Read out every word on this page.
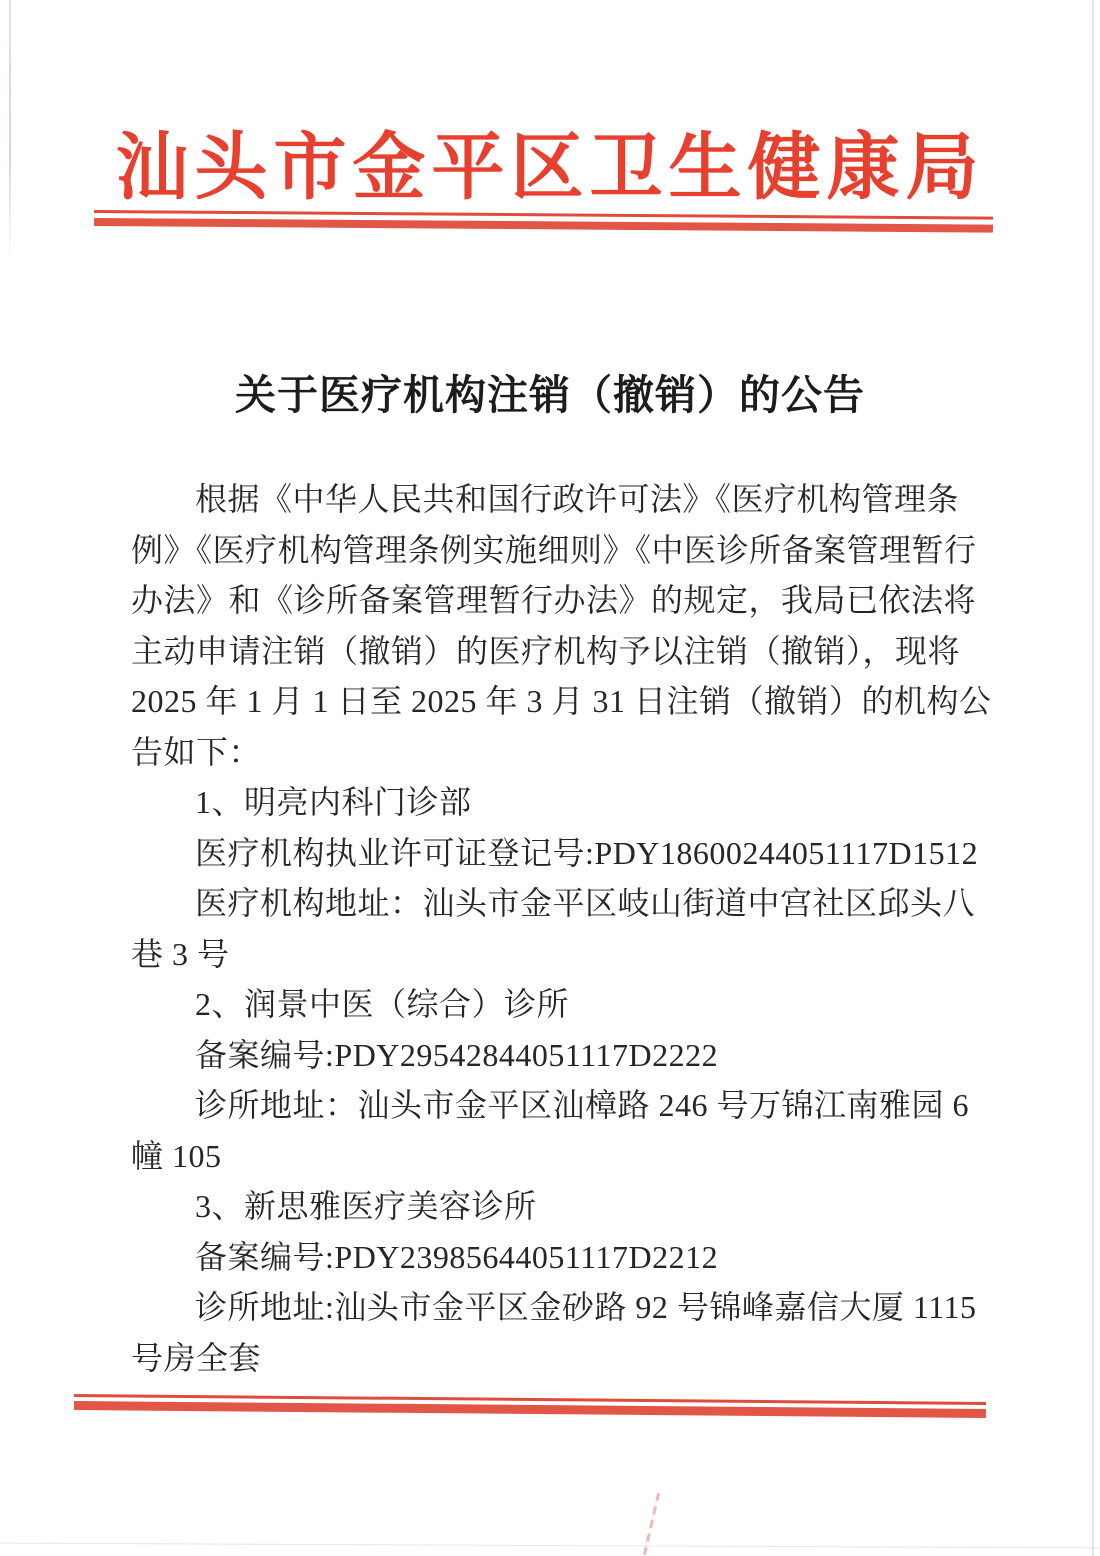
汕头市金平区卫生健康局
关于医疗机构注销（撤销）的公告
根据《中华人民共和国行政许可法》《医疗机构管理条
例》《医疗机构管理条例实施细则》《中医诊所备案管理暂行
办法》和《诊所备案管理暂行办法》的规定，我局已依法将
主动申请注销（撤销）的医疗机构予以注销（撤销），现将
2025 年 1 月 1 日至 2025 年 3 月 31 日注销（撤销）的机构公
告如下：
1、明亮内科门诊部
医疗机构执业许可证登记号:PDY18600244051117D1512
医疗机构地址：汕头市金平区岐山街道中宫社区邱头八
巷 3 号
2、润景中医（综合）诊所
备案编号:PDY29542844051117D2222
诊所地址：汕头市金平区汕樟路 246 号万锦江南雅园 6
幢 105
3、新思雅医疗美容诊所
备案编号:PDY23985644051117D2212
诊所地址:汕头市金平区金砂路 92 号锦峰嘉信大厦 1115
号房全套
